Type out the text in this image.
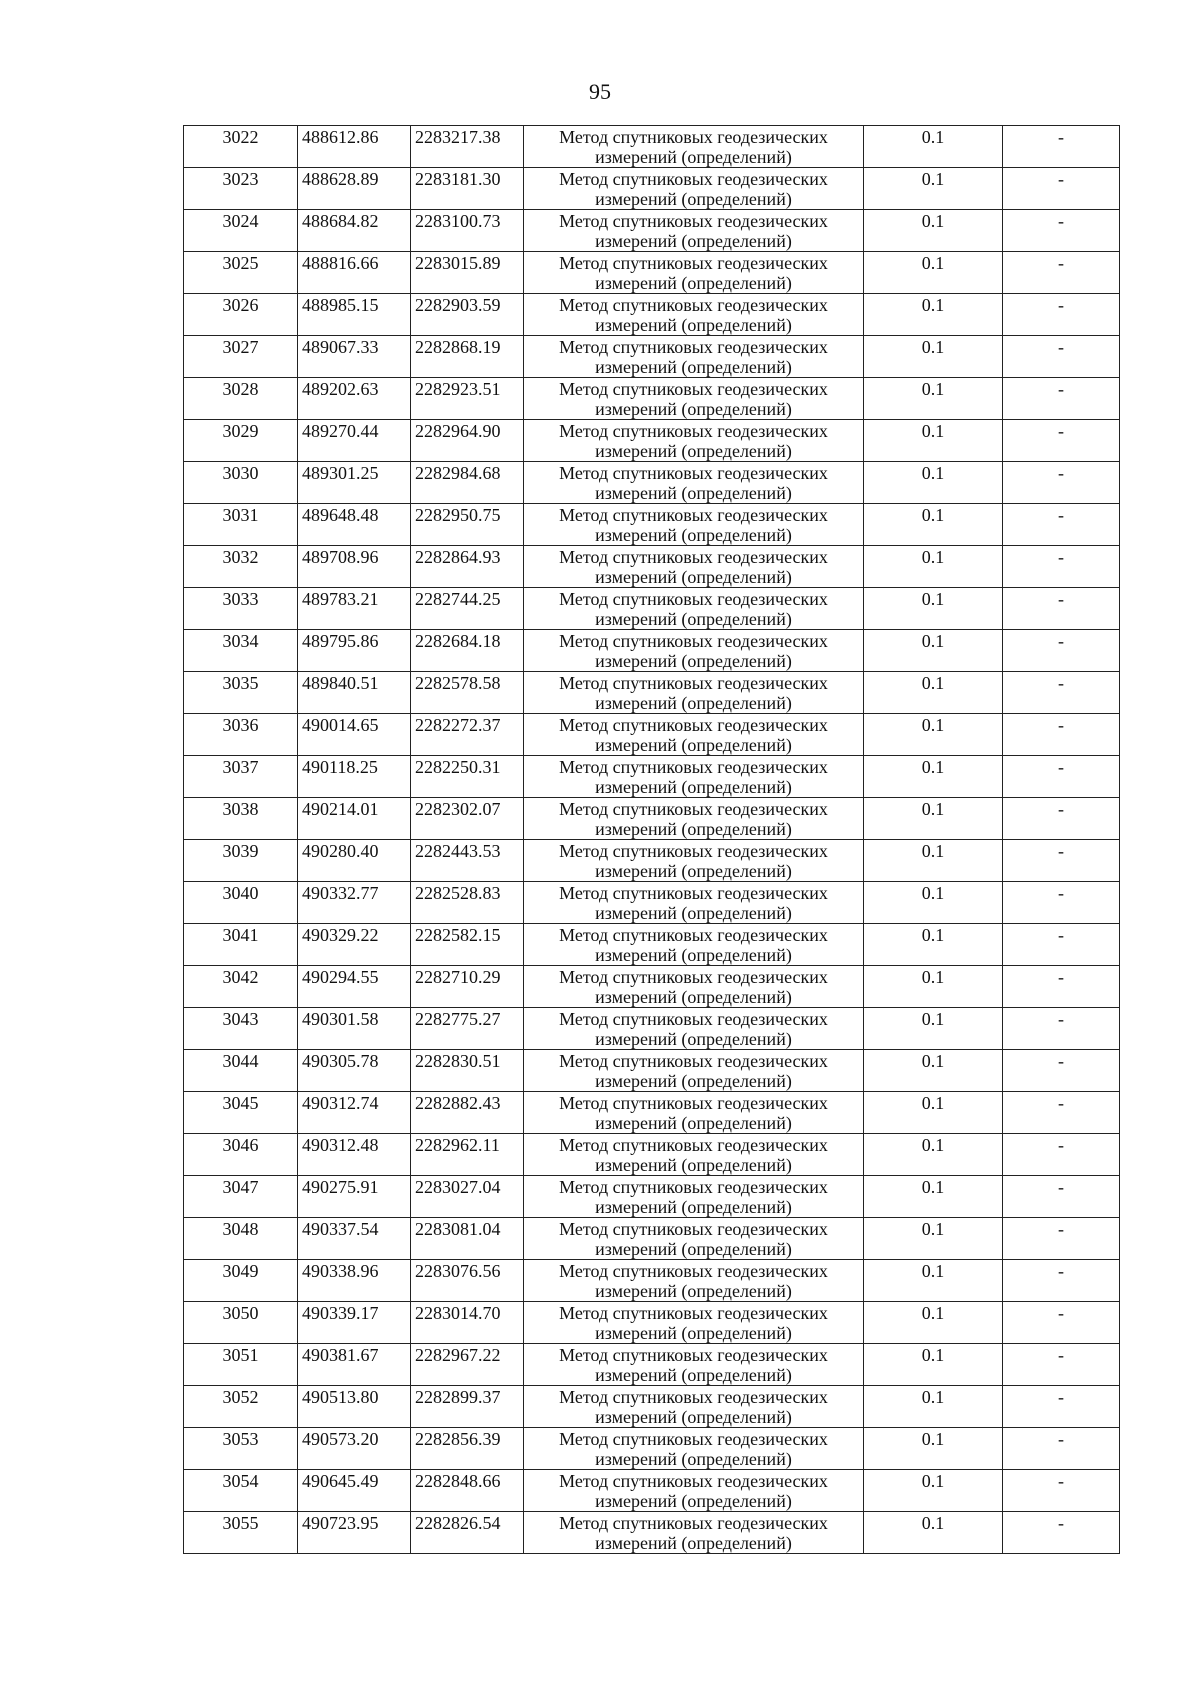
95
3022	488612.86	2283217.38	Метод спутниковых геодезических измерений (определений)	0.1	-
3023	488628.89	2283181.30	Метод спутниковых геодезических измерений (определений)	0.1	-
3024	488684.82	2283100.73	Метод спутниковых геодезических измерений (определений)	0.1	-
3025	488816.66	2283015.89	Метод спутниковых геодезических измерений (определений)	0.1	-
3026	488985.15	2282903.59	Метод спутниковых геодезических измерений (определений)	0.1	-
3027	489067.33	2282868.19	Метод спутниковых геодезических измерений (определений)	0.1	-
3028	489202.63	2282923.51	Метод спутниковых геодезических измерений (определений)	0.1	-
3029	489270.44	2282964.90	Метод спутниковых геодезических измерений (определений)	0.1	-
3030	489301.25	2282984.68	Метод спутниковых геодезических измерений (определений)	0.1	-
3031	489648.48	2282950.75	Метод спутниковых геодезических измерений (определений)	0.1	-
3032	489708.96	2282864.93	Метод спутниковых геодезических измерений (определений)	0.1	-
3033	489783.21	2282744.25	Метод спутниковых геодезических измерений (определений)	0.1	-
3034	489795.86	2282684.18	Метод спутниковых геодезических измерений (определений)	0.1	-
3035	489840.51	2282578.58	Метод спутниковых геодезических измерений (определений)	0.1	-
3036	490014.65	2282272.37	Метод спутниковых геодезических измерений (определений)	0.1	-
3037	490118.25	2282250.31	Метод спутниковых геодезических измерений (определений)	0.1	-
3038	490214.01	2282302.07	Метод спутниковых геодезических измерений (определений)	0.1	-
3039	490280.40	2282443.53	Метод спутниковых геодезических измерений (определений)	0.1	-
3040	490332.77	2282528.83	Метод спутниковых геодезических измерений (определений)	0.1	-
3041	490329.22	2282582.15	Метод спутниковых геодезических измерений (определений)	0.1	-
3042	490294.55	2282710.29	Метод спутниковых геодезических измерений (определений)	0.1	-
3043	490301.58	2282775.27	Метод спутниковых геодезических измерений (определений)	0.1	-
3044	490305.78	2282830.51	Метод спутниковых геодезических измерений (определений)	0.1	-
3045	490312.74	2282882.43	Метод спутниковых геодезических измерений (определений)	0.1	-
3046	490312.48	2282962.11	Метод спутниковых геодезических измерений (определений)	0.1	-
3047	490275.91	2283027.04	Метод спутниковых геодезических измерений (определений)	0.1	-
3048	490337.54	2283081.04	Метод спутниковых геодезических измерений (определений)	0.1	-
3049	490338.96	2283076.56	Метод спутниковых геодезических измерений (определений)	0.1	-
3050	490339.17	2283014.70	Метод спутниковых геодезических измерений (определений)	0.1	-
3051	490381.67	2282967.22	Метод спутниковых геодезических измерений (определений)	0.1	-
3052	490513.80	2282899.37	Метод спутниковых геодезических измерений (определений)	0.1	-
3053	490573.20	2282856.39	Метод спутниковых геодезических измерений (определений)	0.1	-
3054	490645.49	2282848.66	Метод спутниковых геодезических измерений (определений)	0.1	-
3055	490723.95	2282826.54	Метод спутниковых геодезических измерений (определений)	0.1	-
